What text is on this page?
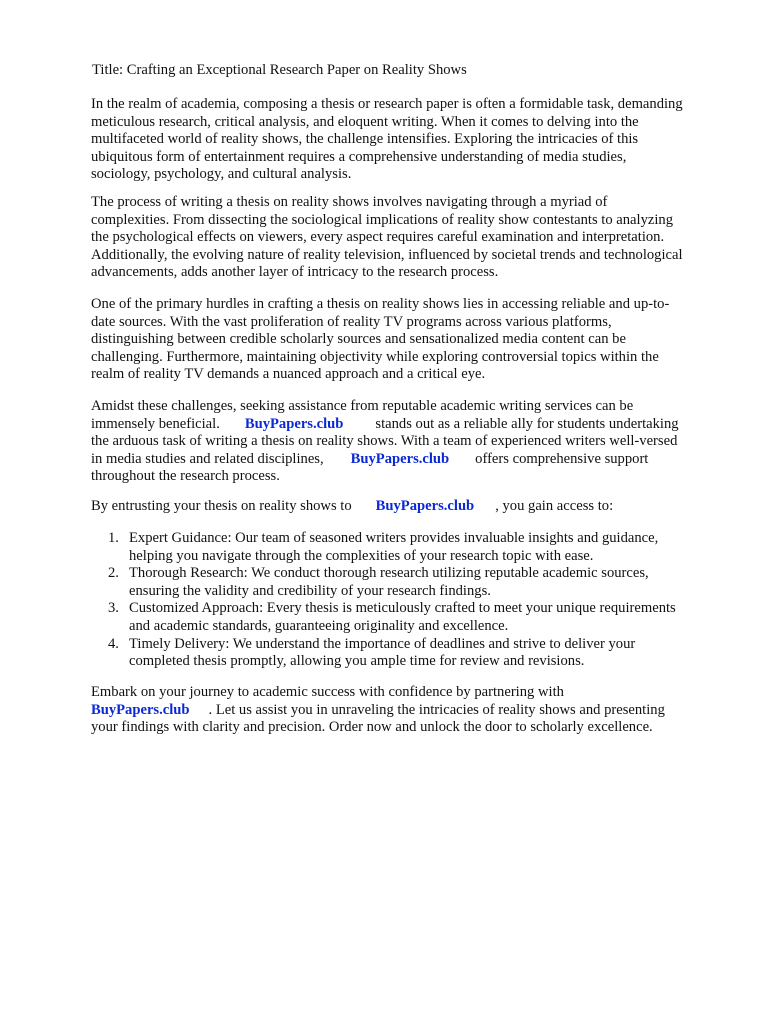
Title: Crafting an Exceptional Research Paper on Reality Shows
In the realm of academia, composing a thesis or research paper is often a formidable task, demanding
meticulous research, critical analysis, and eloquent writing. When it comes to delving into the
multifaceted world of reality shows, the challenge intensifies. Exploring the intricacies of this
ubiquitous form of entertainment requires a comprehensive understanding of media studies,
sociology, psychology, and cultural analysis.
The process of writing a thesis on reality shows involves navigating through a myriad of
complexities. From dissecting the sociological implications of reality show contestants to analyzing
the psychological effects on viewers, every aspect requires careful examination and interpretation.
Additionally, the evolving nature of reality television, influenced by societal trends and technological
advancements, adds another layer of intricacy to the research process.
One of the primary hurdles in crafting a thesis on reality shows lies in accessing reliable and up-to-
date sources. With the vast proliferation of reality TV programs across various platforms,
distinguishing between credible scholarly sources and sensationalized media content can be
challenging. Furthermore, maintaining objectivity while exploring controversial topics within the
realm of reality TV demands a nuanced approach and a critical eye.
Amidst these challenges, seeking assistance from reputable academic writing services can be
immensely beneficial. BuyPapers.club stands out as a reliable ally for students undertaking
the arduous task of writing a thesis on reality shows. With a team of experienced writers well-versed
in media studies and related disciplines, BuyPapers.club offers comprehensive support
throughout the research process.
By entrusting your thesis on reality shows to BuyPapers.club , you gain access to:
1. Expert Guidance: Our team of seasoned writers provides invaluable insights and guidance,
helping you navigate through the complexities of your research topic with ease.
2. Thorough Research: We conduct thorough research utilizing reputable academic sources,
ensuring the validity and credibility of your research findings.
3. Customized Approach: Every thesis is meticulously crafted to meet your unique requirements
and academic standards, guaranteeing originality and excellence.
4. Timely Delivery: We understand the importance of deadlines and strive to deliver your
completed thesis promptly, allowing you ample time for review and revisions.
Embark on your journey to academic success with confidence by partnering with
BuyPapers.club . Let us assist you in unraveling the intricacies of reality shows and presenting
your findings with clarity and precision. Order now and unlock the door to scholarly excellence.
